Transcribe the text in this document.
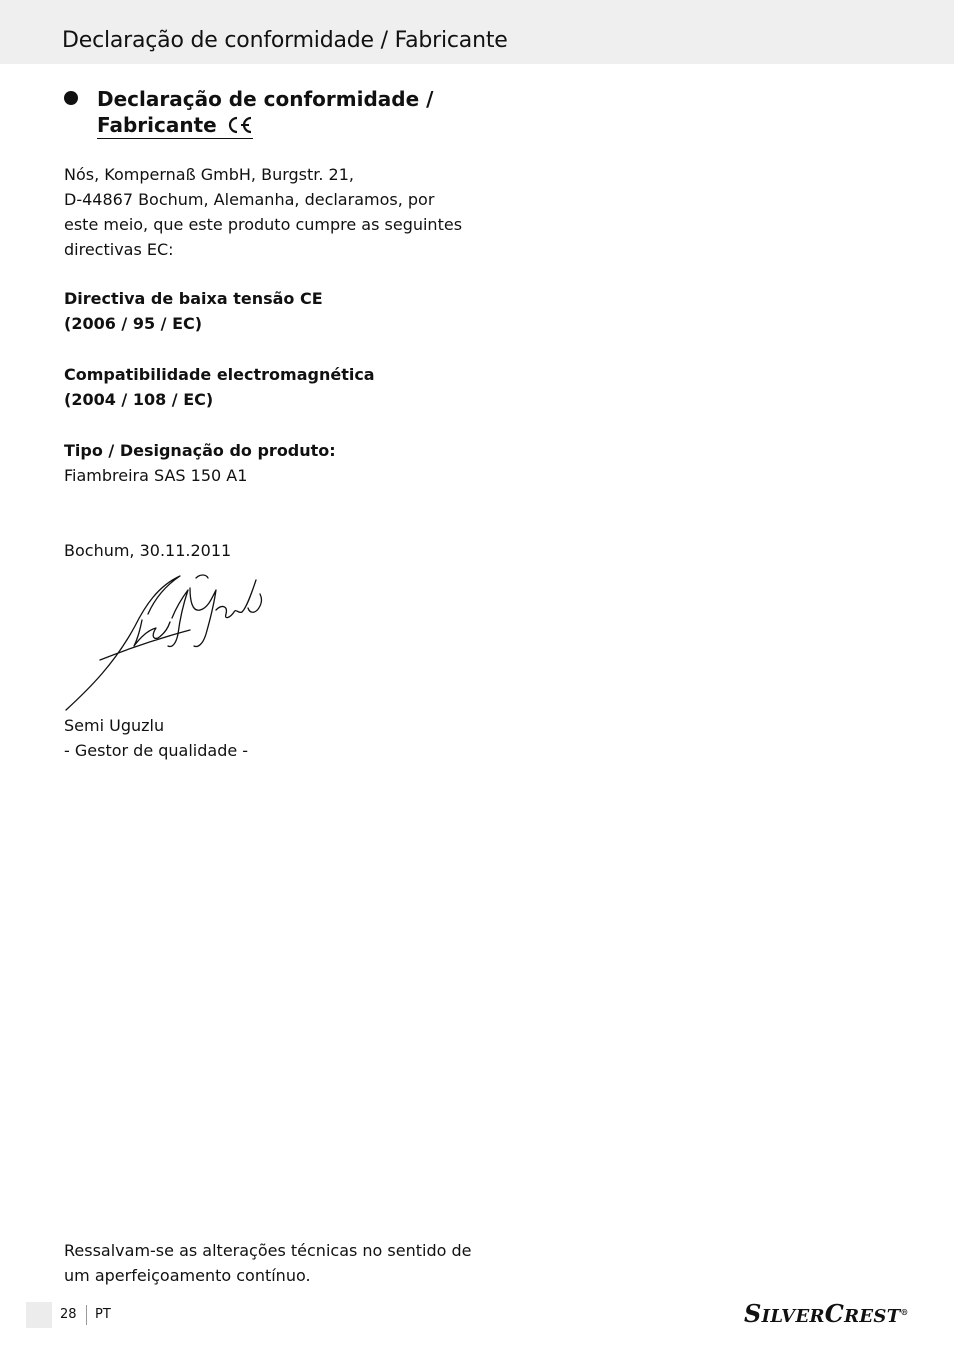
Declaração de conformidade / Fabricante
Declaração de conformidade /
Fabricante
Nós, Kompernaß GmbH, Burgstr. 21,
D-44867 Bochum, Alemanha, declaramos, por
este meio, que este produto cumpre as seguintes
directivas EC:
Directiva de baixa tensão CE
(2006 / 95 / EC)
Compatibilidade electromagnética
(2004 / 108 / EC)
Tipo / Designação do produto:
Fiambreira SAS 150 A1
Bochum, 30.11.2011
Semi Uguzlu
- Gestor de qualidade -
Ressalvam-se as alterações técnicas no sentido de
um aperfeiçoamento contínuo.
28 PT	SILVERCREST®
